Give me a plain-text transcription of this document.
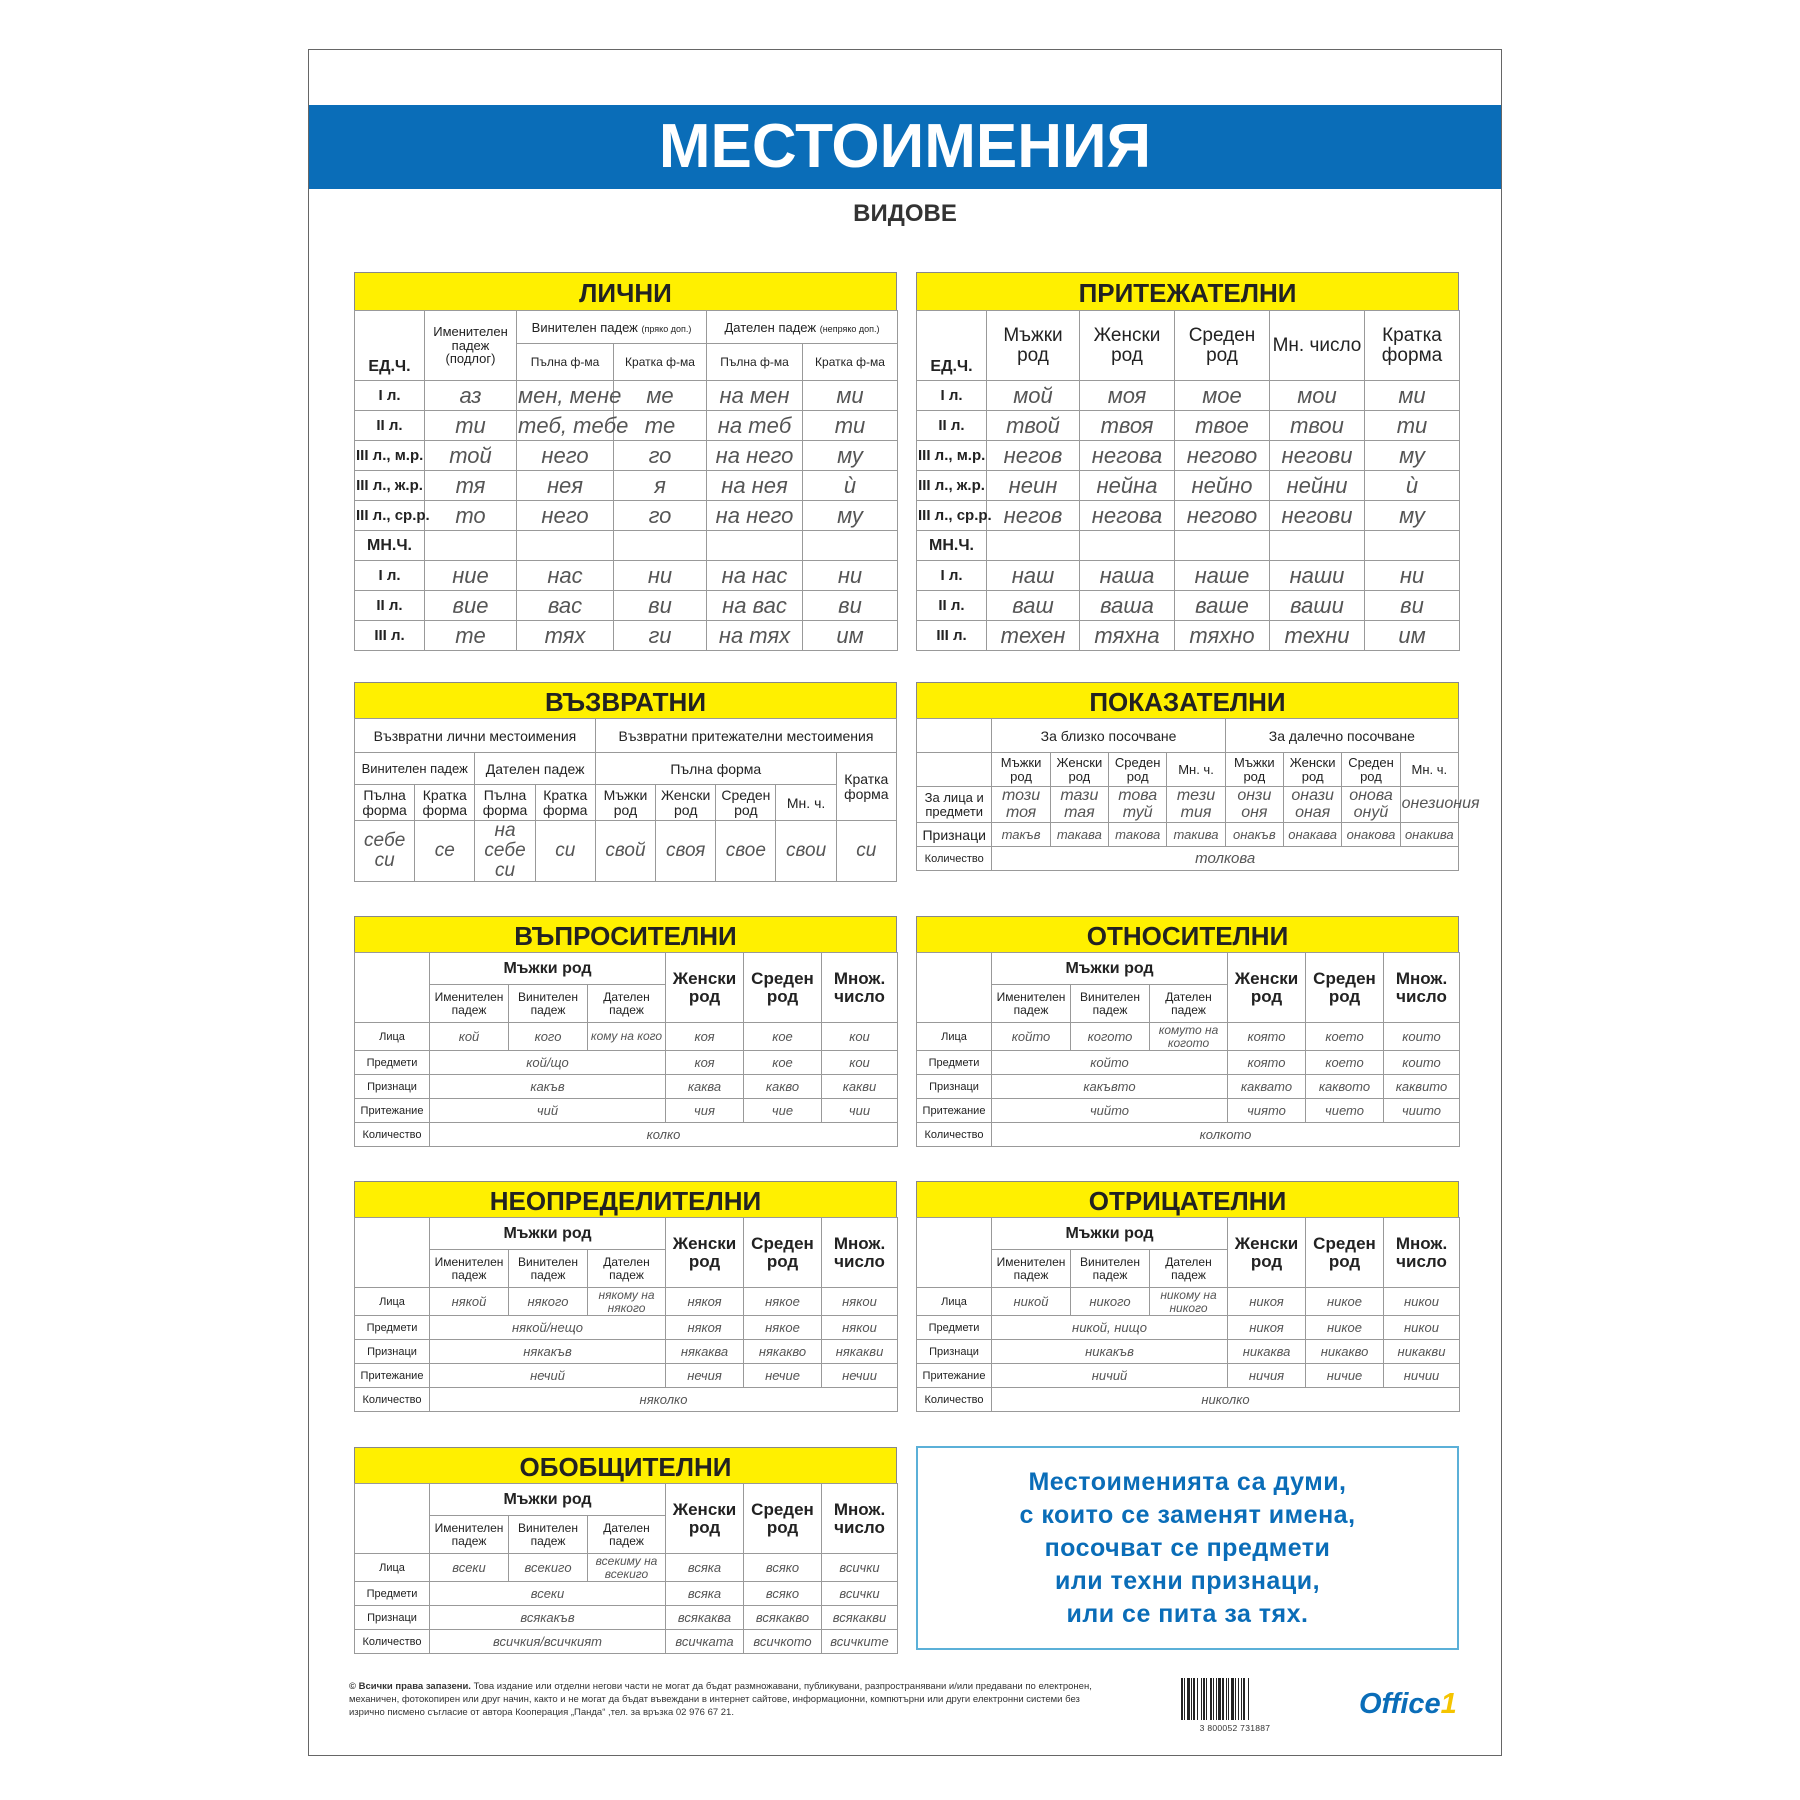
МЕСТОИМЕНИЯ
ВИДОВЕ
ЛИЧНИ
ЕД.Ч.	Именителен падеж (подлог)	Винителен падеж (пряко доп.)		Дателен падеж (непряко доп.)	
		Пълна ф-ма	Кратка ф-ма	Пълна ф-ма	Кратка ф-ма
I л.	аз	мен, мене	ме	на мен	ми
II л.	ти	теб, тебе	те	на теб	ти
III л., м.р.	той	него	го	на него	му
III л., ж.р.	тя	нея	я	на нея	ѝ
III л., ср.р.	то	него	го	на него	му
МН.Ч.					
I л.	ние	нас	ни	на нас	ни
II л.	вие	вас	ви	на вас	ви
III л.	те	тях	ги	на тях	им
ПРИТЕЖАТЕЛНИ
ЕД.Ч.	Мъжки род	Женски род	Среден род	Мн. число	Кратка форма
I л.	мой	моя	мое	мои	ми
II л.	твой	твоя	твое	твои	ти
III л., м.р.	негов	негова	негово	негови	му
III л., ж.р.	неин	нейна	нейно	нейни	ѝ
III л., ср.р.	негов	негова	негово	негови	му
МН.Ч.					
I л.	наш	наша	наше	наши	ни
II л.	ваш	ваша	ваше	ваши	ви
III л.	техен	тяхна	тяхно	техни	им
ВЪЗВРАТНИ
Възвратни лични местоимения				Възвратни притежателни местоимения				
Винителен падеж		Дателен падеж		Пълна форма				Кратка форма
Пълна форма	Кратка форма	Пълна форма	Кратка форма	Мъжки род	Женски род	Среден род	Мн. ч.	
себе си	се	на себе си	си	свой	своя	свое	свои	си
ПОКАЗАТЕЛНИ
	За близко посочване				За далечно посочване			
	Мъжки род	Женски род	Среден род	Мн. ч.	Мъжки род	Женски род	Среден род	Мн. ч.
За лица и предмети	този тоя	тази тая	това туй	тези тия	онзи оня	онази оная	онова онуй	онезиония
Признаци	такъв	такава	такова	такива	онакъв	онакава	онакова	онакива
Количество	толкова							
ВЪПРОСИТЕЛНИ
	Мъжки род			Женски род	Среден род	Множ. число
	Именителен падеж	Винителен падеж	Дателен падеж			
Лица	кой	кого	кому на кого	коя	кое	кои
Предмети	кой/що			коя	кое	кои
Признаци	какъв			каква	какво	какви
Притежание	чий			чия	чие	чии
Количество	колко					
ОТНОСИТЕЛНИ
	Мъжки род			Женски род	Среден род	Множ. число
	Именителен падеж	Винителен падеж	Дателен падеж			
Лица	който	когото	комуто на когото	която	което	които
Предмети	който			която	което	които
Признаци	какъвто			каквато	каквото	каквито
Притежание	чийто			чиято	чието	чиито
Количество	колкото					
НЕОПРЕДЕЛИТЕЛНИ
	Мъжки род			Женски род	Среден род	Множ. число
	Именителен падеж	Винителен падеж	Дателен падеж			
Лица	някой	някого	някому на някого	някоя	някое	някои
Предмети	някой/нещо			някоя	някое	някои
Признаци	някакъв			някаква	някакво	някакви
Притежание	нечий			нечия	нечие	нечии
Количество	няколко					
ОТРИЦАТЕЛНИ
	Мъжки род			Женски род	Среден род	Множ. число
	Именителен падеж	Винителен падеж	Дателен падеж			
Лица	никой	никого	никому на никого	никоя	никое	никои
Предмети	никой, нищо			никоя	никое	никои
Признаци	никакъв			никаква	никакво	никакви
Притежание	ничий			ничия	ничие	ничии
Количество	николко					
ОБОБЩИТЕЛНИ
	Мъжки род			Женски род	Среден род	Множ. число
	Именителен падеж	Винителен падеж	Дателен падеж			
Лица	всеки	всекиго	всекиму на всекиго	всяка	всяко	всички
Предмети	всеки			всяка	всяко	всички
Признаци	всякакъв			всякаква	всякакво	всякакви
Количество	всичкия/всичкият			всичката	всичкото	всичките
Местоименията са думи,
с които се заменят имена,
посочват се предмети
или техни признаци,
или се пита за тях.
© Всички права запазени. Това издание или отделни негови части не могат да бъдат размножавани, публикувани, разпространявани и/или предавани по електронен, механичен, фотокопирен или друг начин, както и не могат да бъдат въвеждани в интернет сайтове, информационни, компютърни или други електронни системи без изрично писмено съгласие от автора Кооперация „Панда“ ,тел. за връзка 02 976 67 21.
3 800052 731887
Office1
